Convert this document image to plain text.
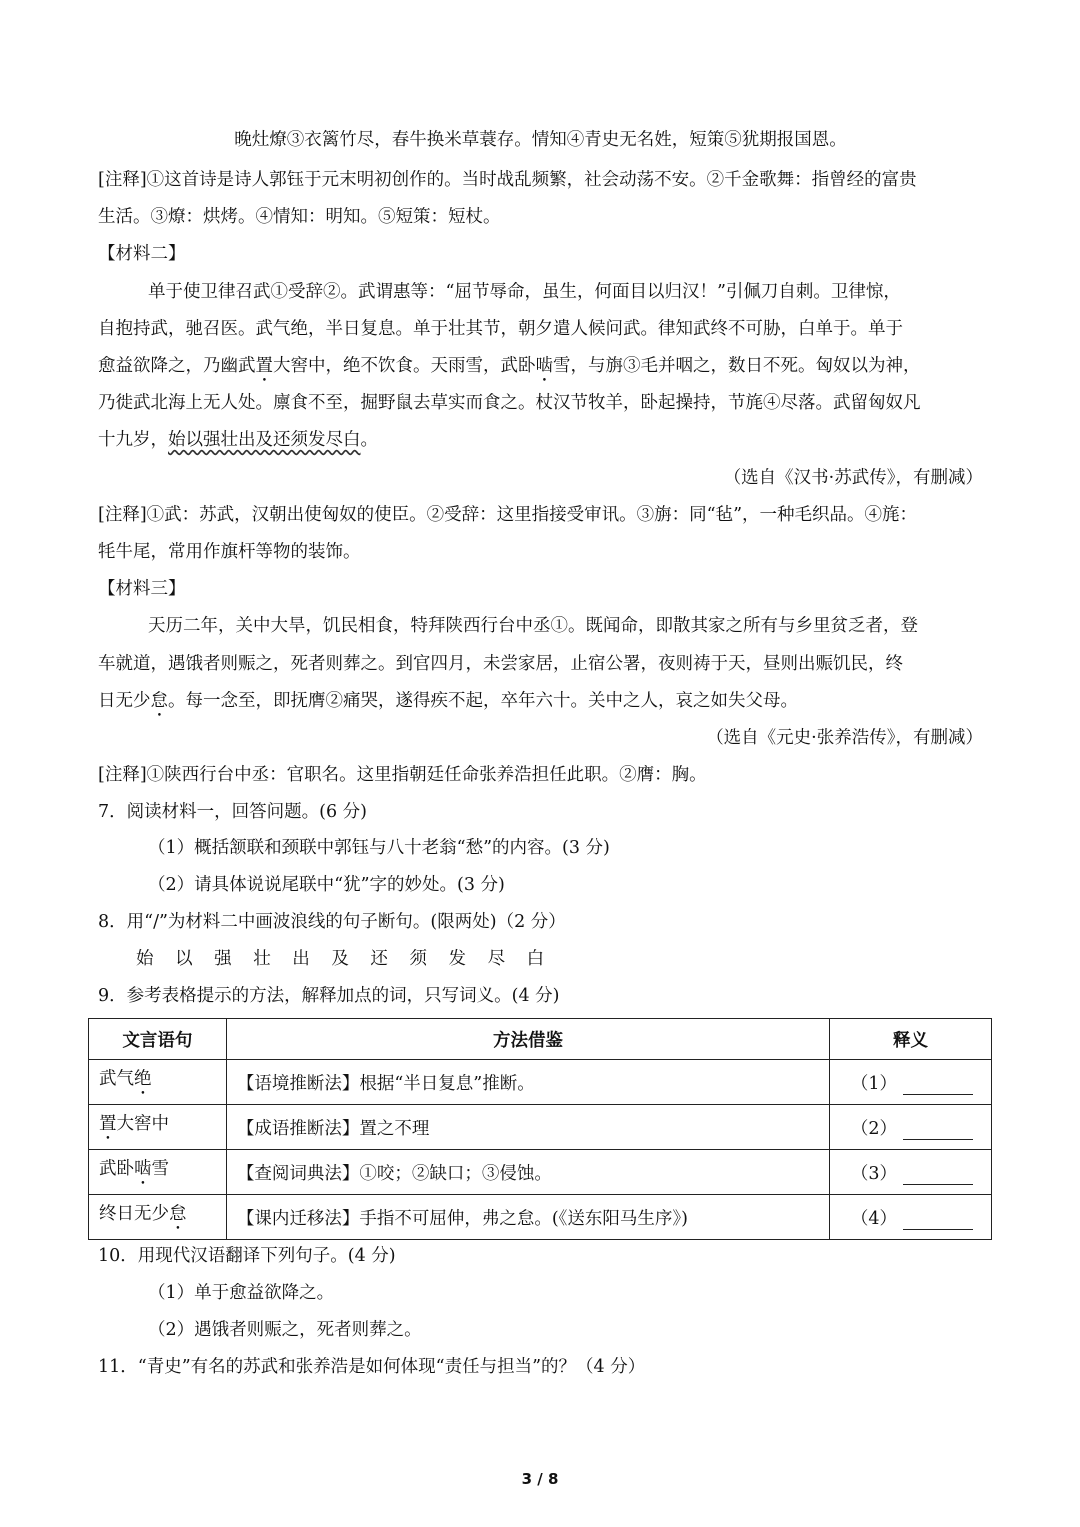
晚灶燎③衣篱竹尽，春牛换米草蓑存。情知④青史无名姓，短策⑤犹期报国恩。
[注释]①这首诗是诗人郭钰于元末明初创作的。当时战乱频繁，社会动荡不安。②千金歌舞：指曾经的富贵
生活。③燎：烘烤。④情知：明知。⑤短策：短杖。
【材料二】
单于使卫律召武①受辞②。武谓惠等：“屈节辱命，虽生，何面目以归汉！”引佩刀自刺。卫律惊，
自抱持武，驰召医。武气绝，半日复息。单于壮其节，朝夕遣人候问武。律知武终不可胁，白单于。单于
愈益欲降之，乃幽武置大窖中，绝不饮食。天雨雪，武卧啮雪，与旃③毛并咽之，数日不死。匈奴以为神，
乃徙武北海上无人处。廪食不至，掘野鼠去草实而食之。杖汉节牧羊，卧起操持，节旄④尽落。武留匈奴凡
十九岁，始以强壮出及还须发尽白。
（选自《汉书·苏武传》，有删减）
[注释]①武：苏武，汉朝出使匈奴的使臣。②受辞：这里指接受审讯。③旃：同“毡”，一种毛织品。④旄：
牦牛尾，常用作旗杆等物的装饰。
【材料三】
天历二年，关中大旱，饥民相食，特拜陕西行台中丞①。既闻命，即散其家之所有与乡里贫乏者，登
车就道，遇饿者则赈之，死者则葬之。到官四月，未尝家居，止宿公署，夜则祷于天，昼则出赈饥民，终
日无少怠。每一念至，即抚膺②痛哭，遂得疾不起，卒年六十。关中之人，哀之如失父母。
（选自《元史·张养浩传》，有删减）
[注释]①陕西行台中丞：官职名。这里指朝廷任命张养浩担任此职。②膺：胸。
7．阅读材料一，回答问题。(6 分)
（1）概括颔联和颈联中郭钰与八十老翁“愁”的内容。(3 分)
（2）请具体说说尾联中“犹”字的妙处。(3 分)
8．用“/”为材料二中画波浪线的句子断句。(限两处)（2 分）
始 以 强 壮 出 及 还 须 发 尽 白
9．参考表格提示的方法，解释加点的词，只写词义。(4 分)
文言语句	方法借鉴	释义
武气绝	【语境推断法】根据“半日复息”推断。	（1）
置大窖中	【成语推断法】置之不理	（2）
武卧啮雪	【查阅词典法】①咬；②缺口；③侵蚀。	（3）
终日无少怠	【课内迁移法】手指不可屈伸，弗之怠。(《送东阳马生序》)	（4）
10．用现代汉语翻译下列句子。(4 分)
（1）单于愈益欲降之。
（2）遇饿者则赈之，死者则葬之。
11．“青史”有名的苏武和张养浩是如何体现“责任与担当”的？（4 分）
3 / 8
